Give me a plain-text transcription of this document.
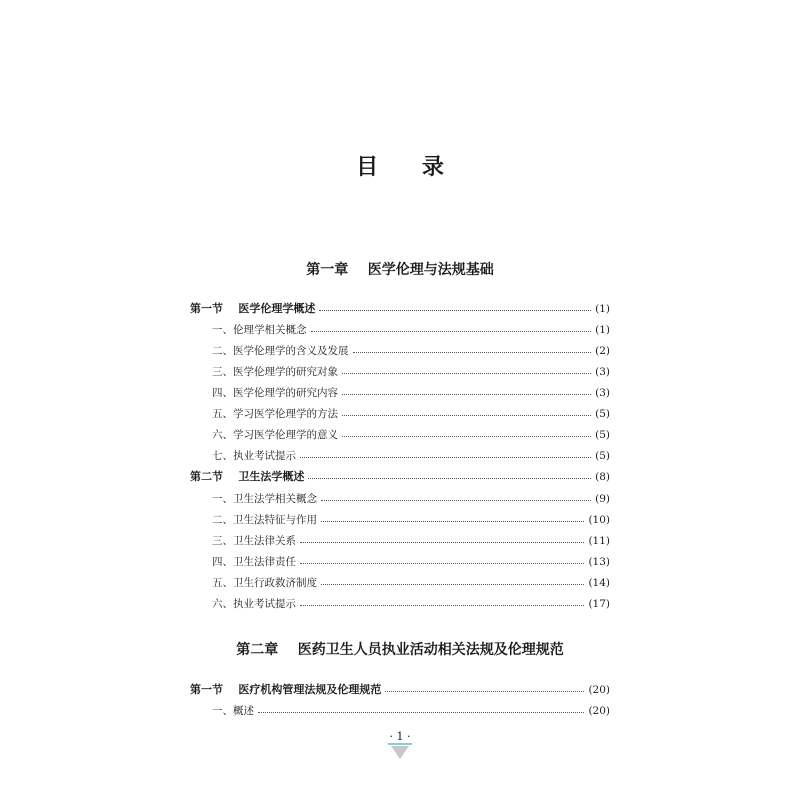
目 录
第一章    医学伦理与法规基础
第一节    医学伦理学概述	(1)
一、伦理学相关概念	(1)
二、医学伦理学的含义及发展	(2)
三、医学伦理学的研究对象	(3)
四、医学伦理学的研究内容	(3)
五、学习医学伦理学的方法	(5)
六、学习医学伦理学的意义	(5)
七、执业考试提示	(5)
第二节    卫生法学概述	(8)
一、卫生法学相关概念	(9)
二、卫生法特征与作用	(10)
三、卫生法律关系	(11)
四、卫生法律责任	(13)
五、卫生行政救济制度	(14)
六、执业考试提示	(17)
第二章    医药卫生人员执业活动相关法规及伦理规范
第一节    医疗机构管理法规及伦理规范	(20)
一、概述	(20)
· 1 ·
